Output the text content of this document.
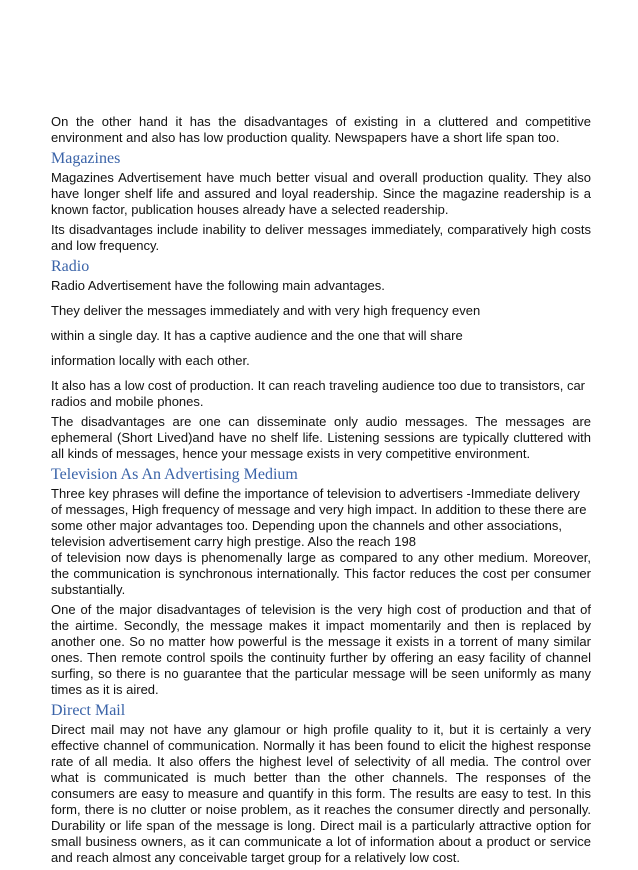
On the other hand it has the disadvantages of existing in a cluttered and competitive environment and also has low production quality. Newspapers have a short life span too.

Magazines

Magazines Advertisement have much better visual and overall production quality. They also have longer shelf life and assured and loyal readership. Since the magazine readership is a known factor, publication houses already have a selected readership.

Its disadvantages include inability to deliver messages immediately, comparatively high costs and low frequency.

Radio

Radio Advertisement have the following main advantages.

They deliver the messages immediately and with very high frequency even

within a single day. It has a captive audience and the one that will share

information locally with each other.

It also has a low cost of production. It can reach traveling audience too due to transistors, car radios and mobile phones.

The disadvantages are one can disseminate only audio messages. The messages are ephemeral (Short Lived)and have no shelf life. Listening sessions are typically cluttered with all kinds of messages, hence your message exists in very competitive environment.

Television As An Advertising Medium

Three key phrases will define the importance of television to advertisers -Immediate delivery of messages, High frequency of message and very high impact. In addition to these there are some other major advantages too. Depending upon the channels and other associations, television advertisement carry high prestige. Also the reach 198

of television now days is phenomenally large as compared to any other medium. Moreover, the communication is synchronous internationally. This factor reduces the cost per consumer substantially.

One of the major disadvantages of television is the very high cost of production and that of the airtime. Secondly, the message makes it impact momentarily and then is replaced by another one. So no matter how powerful is the message it exists in a torrent of many similar ones. Then remote control spoils the continuity further by offering an easy facility of channel surfing, so there is no guarantee that the particular message will be seen uniformly as many times as it is aired.

Direct Mail

Direct mail may not have any glamour or high profile quality to it, but it is certainly a very effective channel of communication. Normally it has been found to elicit the highest response rate of all media. It also offers the highest level of selectivity of all media. The control over what is communicated is much better than the other channels. The responses of the consumers are easy to measure and quantify in this form. The results are easy to test. In this form, there is no clutter or noise problem, as it reaches the consumer directly and personally. Durability or life span of the message is long. Direct mail is a particularly attractive option for small business owners, as it can communicate a lot of information about a product or service and reach almost any conceivable target group for a relatively low cost.
